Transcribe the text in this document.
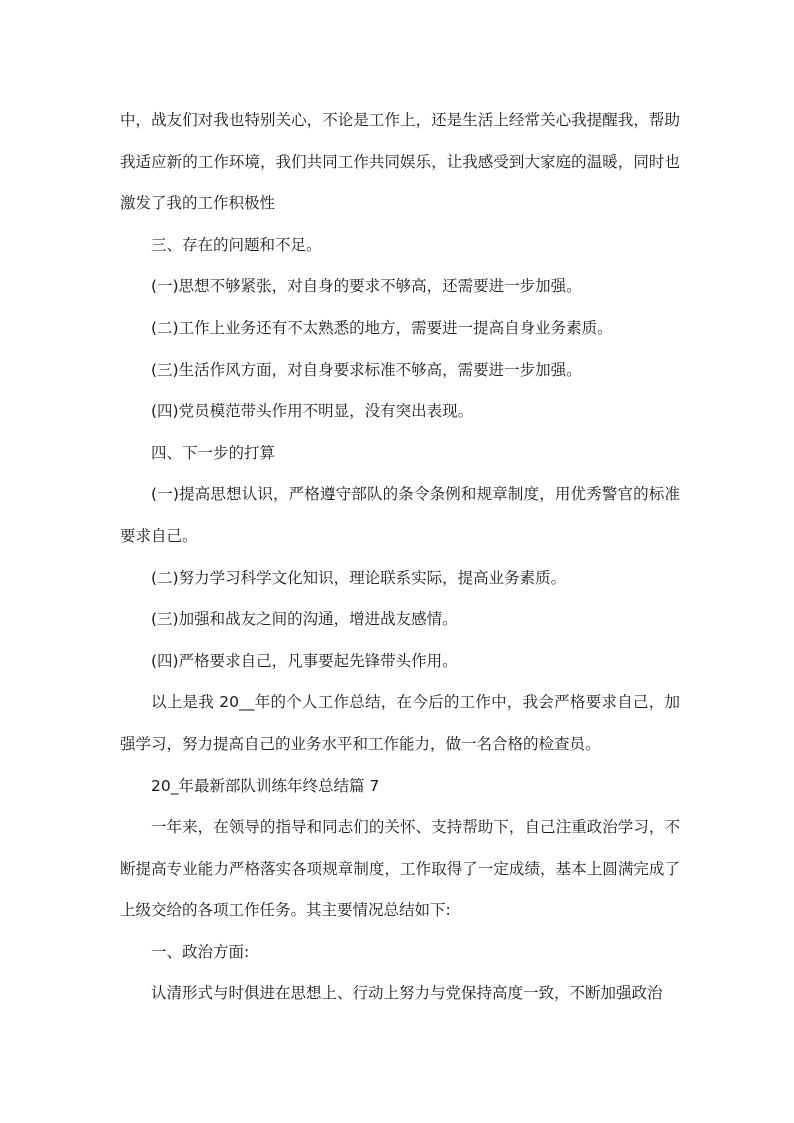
中，战友们对我也特别关心，不论是工作上，还是生活上经常关心我提醒我，帮助我适应新的工作环境，我们共同工作共同娱乐，让我感受到大家庭的温暖，同时也激发了我的工作积极性

三、存在的问题和不足。

(一)思想不够紧张，对自身的要求不够高，还需要进一步加强。

(二)工作上业务还有不太熟悉的地方，需要进一提高自身业务素质。

(三)生活作风方面，对自身要求标准不够高，需要进一步加强。

(四)党员模范带头作用不明显，没有突出表现。

四、下一步的打算

(一)提高思想认识，严格遵守部队的条令条例和规章制度，用优秀警官的标准要求自己。

(二)努力学习科学文化知识，理论联系实际，提高业务素质。

(三)加强和战友之间的沟通，增进战友感情。

(四)严格要求自己，凡事要起先锋带头作用。

以上是我 20__年的个人工作总结，在今后的工作中，我会严格要求自己，加强学习，努力提高自己的业务水平和工作能力，做一名合格的检查员。

20_年最新部队训练年终总结篇 7

一年来，在领导的指导和同志们的关怀、支持帮助下，自己注重政治学习，不断提高专业能力严格落实各项规章制度，工作取得了一定成绩，基本上圆满完成了上级交给的各项工作任务。其主要情况总结如下:

一、政治方面:

认清形式与时俱进在思想上、行动上努力与党保持高度一致，不断加强政治
